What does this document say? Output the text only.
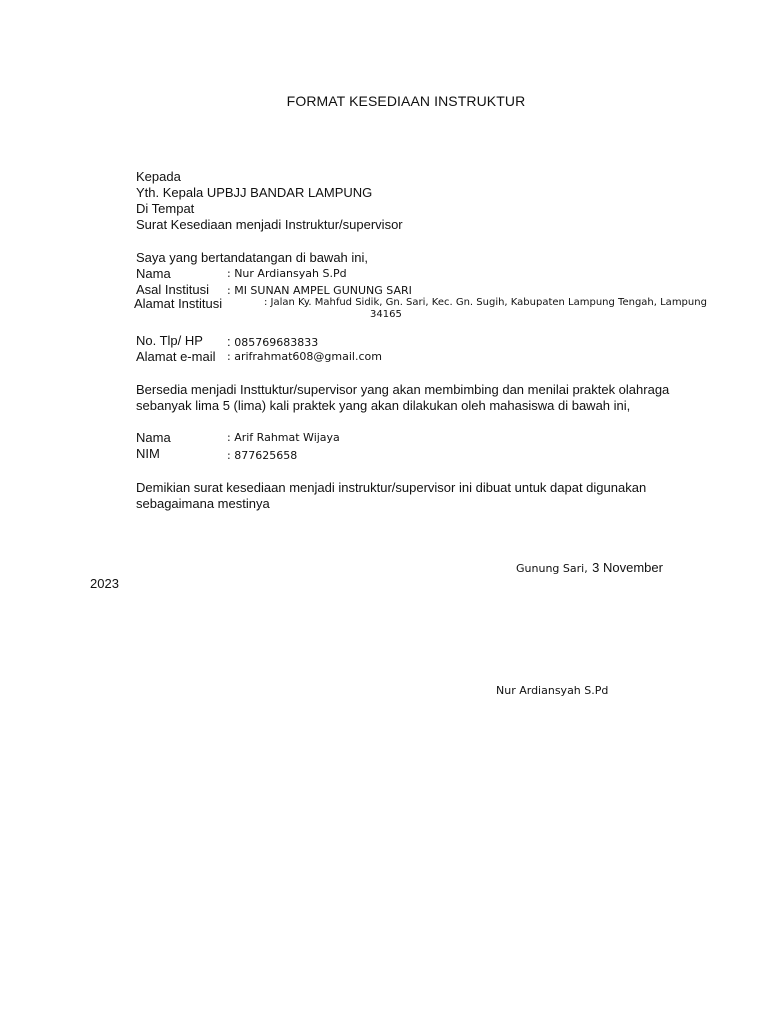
FORMAT KESEDIAAN INSTRUKTUR
Kepada
Yth. Kepala UPBJJ BANDAR LAMPUNG
Di Tempat
Surat Kesediaan menjadi Instruktur/supervisor
Saya yang bertandatangan di bawah ini,
Nama	: Nur Ardiansyah S.Pd
Asal Institusi : MI SUNAN AMPEL GUNUNG SARI
Alamat Institusi	: Jalan Ky. Mahfud Sidik, Gn. Sari, Kec. Gn. Sugih, Kabupaten Lampung Tengah, Lampung
34165
No. Tlp/ HP : 085769683833
Alamat e-mail : arifrahmat608@gmail.com
Bersedia menjadi Insttuktur/supervisor yang akan membimbing dan menilai praktek olahraga
sebanyak lima 5 (lima) kali praktek yang akan dilakukan oleh mahasiswa di bawah ini,
Nama	: Arif Rahmat Wijaya
NIM	: 877625658
Demikian surat kesediaan menjadi instruktur/supervisor ini dibuat untuk dapat digunakan
sebagaimana mestinya
Gunung Sari, 3 November
2023
Nur Ardiansyah S.Pd
